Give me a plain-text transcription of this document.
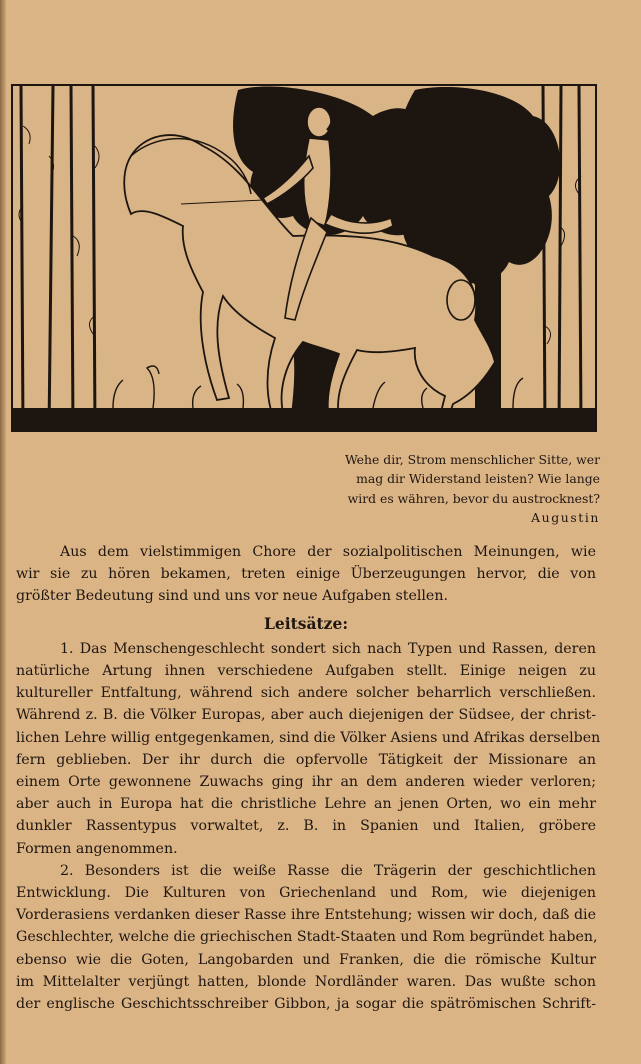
Wehe dir, Strom menschlicher Sitte, wer
mag dir Widerstand leisten? Wie lange
wird es währen, bevor du austrocknest?
Augustin
Aus dem vielstimmigen Chore der sozialpolitischen Meinungen, wie
wir sie zu hören bekamen, treten einige Überzeugungen hervor, die von
größter Bedeutung sind und uns vor neue Aufgaben stellen.
Leitsätze:
1. Das Menschengeschlecht sondert sich nach Typen und Rassen, deren
natürliche Artung ihnen verschiedene Aufgaben stellt. Einige neigen zu
kultureller Entfaltung, während sich andere solcher beharrlich verschließen.
Während z. B. die Völker Europas, aber auch diejenigen der Südsee, der christ-
lichen Lehre willig entgegenkamen, sind die Völker Asiens und Afrikas derselben
fern geblieben. Der ihr durch die opfervolle Tätigkeit der Missionare an
einem Orte gewonnene Zuwachs ging ihr an dem anderen wieder verloren;
aber auch in Europa hat die christliche Lehre an jenen Orten, wo ein mehr
dunkler Rassentypus vorwaltet, z. B. in Spanien und Italien, gröbere
Formen angenommen.
2. Besonders ist die weiße Rasse die Trägerin der geschichtlichen
Entwicklung. Die Kulturen von Griechenland und Rom, wie diejenigen
Vorderasiens verdanken dieser Rasse ihre Entstehung; wissen wir doch, daß die
Geschlechter, welche die griechischen Stadt-Staaten und Rom begründet haben,
ebenso wie die Goten, Langobarden und Franken, die die römische Kultur
im Mittelalter verjüngt hatten, blonde Nordländer waren. Das wußte schon
der englische Geschichtsschreiber Gibbon, ja sogar die spätrömischen Schrift-
